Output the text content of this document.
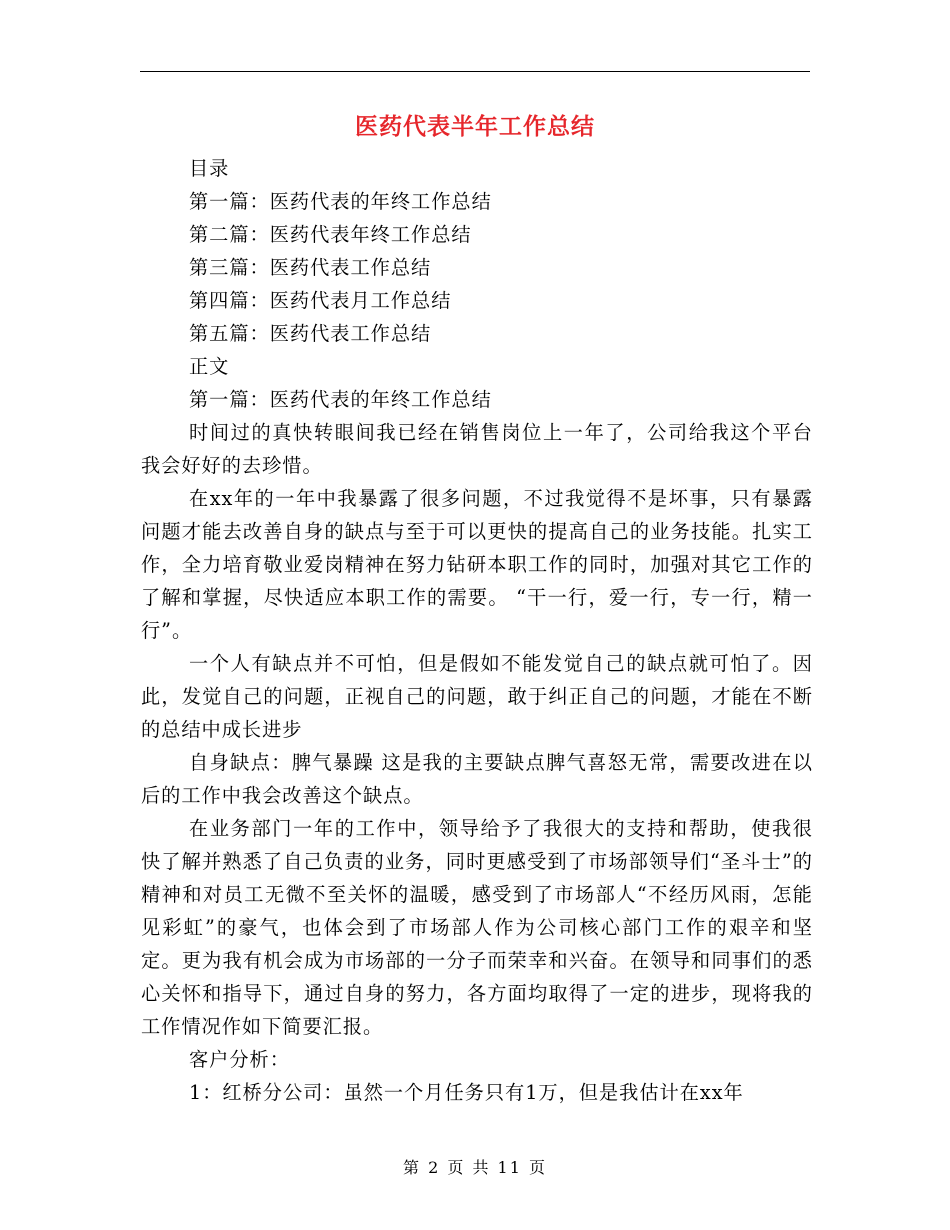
医药代表半年工作总结

目录

第一篇：医药代表的年终工作总结

第二篇：医药代表年终工作总结

第三篇：医药代表工作总结

第四篇：医药代表月工作总结

第五篇：医药代表工作总结

正文

第一篇：医药代表的年终工作总结

时间过的真快转眼间我已经在销售岗位上一年了，公司给我这个平台我会好好的去珍惜。

在xx年的一年中我暴露了很多问题，不过我觉得不是坏事，只有暴露问题才能去改善自身的缺点与至于可以更快的提高自己的业务技能。扎实工作，全力培育敬业爱岗精神在努力钻研本职工作的同时，加强对其它工作的了解和掌握，尽快适应本职工作的需要。 “干一行，爱一行，专一行，精一行”。

一个人有缺点并不可怕，但是假如不能发觉自己的缺点就可怕了。因此，发觉自己的问题，正视自己的问题，敢于纠正自己的问题，才能在不断的总结中成长进步

自身缺点：脾气暴躁 这是我的主要缺点脾气喜怒无常，需要改进在以后的工作中我会改善这个缺点。

在业务部门一年的工作中，领导给予了我很大的支持和帮助，使我很快了解并熟悉了自己负责的业务，同时更感受到了市场部领导们“圣斗士”的精神和对员工无微不至关怀的温暖，感受到了市场部人“不经历风雨，怎能见彩虹”的豪气，也体会到了市场部人作为公司核心部门工作的艰辛和坚定。更为我有机会成为市场部的一分子而荣幸和兴奋。在领导和同事们的悉心关怀和指导下，通过自身的努力，各方面均取得了一定的进步，现将我的工作情况作如下简要汇报。

客户分析：

1：红桥分公司：虽然一个月任务只有1万，但是我估计在xx年

第 2 页 共 11 页
